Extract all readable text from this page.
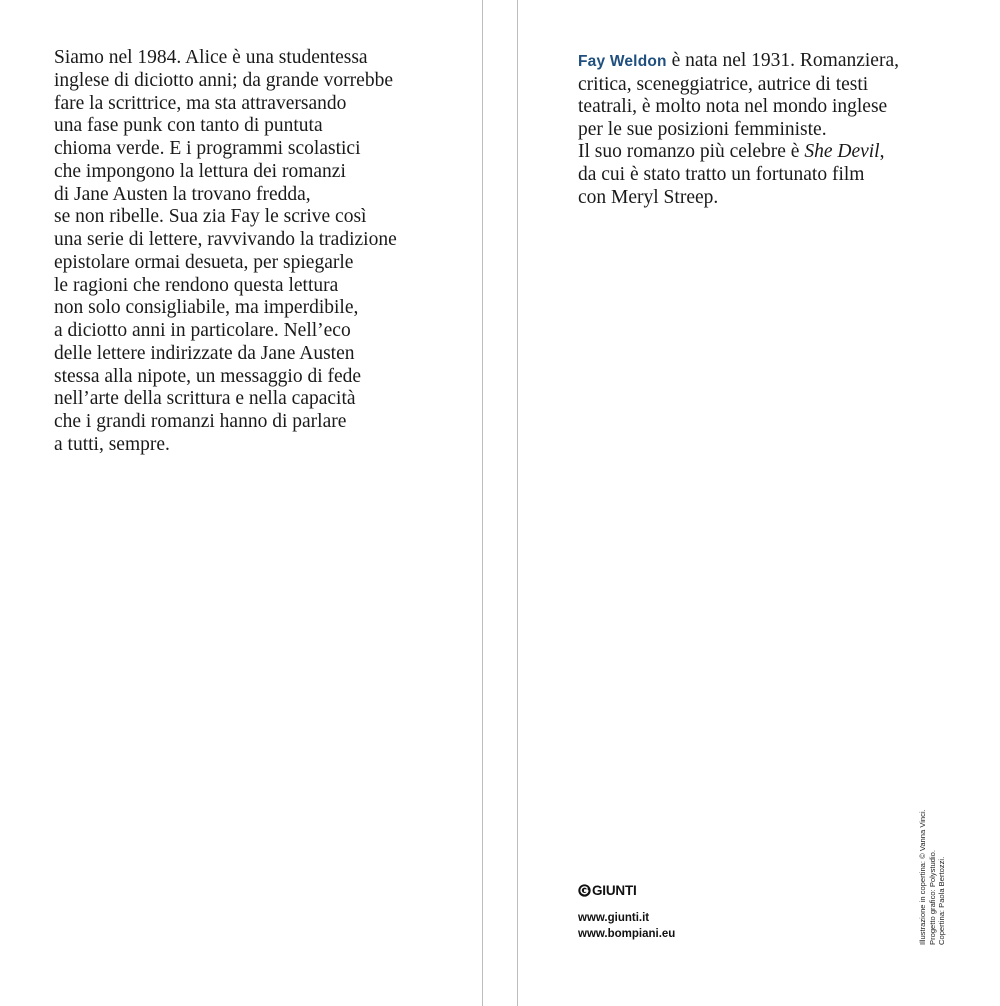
Siamo nel 1984. Alice è una studentessa
inglese di diciotto anni; da grande vorrebbe
fare la scrittrice, ma sta attraversando
una fase punk con tanto di puntuta
chioma verde. E i programmi scolastici
che impongono la lettura dei romanzi
di Jane Austen la trovano fredda,
se non ribelle. Sua zia Fay le scrive così
una serie di lettere, ravvivando la tradizione
epistolare ormai desueta, per spiegarle
le ragioni che rendono questa lettura
non solo consigliabile, ma imperdibile,
a diciotto anni in particolare. Nell’eco
delle lettere indirizzate da Jane Austen
stessa alla nipote, un messaggio di fede
nell’arte della scrittura e nella capacità
che i grandi romanzi hanno di parlare
a tutti, sempre.

Fay Weldon è nata nel 1931. Romanziera,
critica, sceneggiatrice, autrice di testi
teatrali, è molto nota nel mondo inglese
per le sue posizioni femministe.
Il suo romanzo più celebre è She Devil,
da cui è stato tratto un fortunato film
con Meryl Streep.

GIUNTI
www.giunti.it
www.bompiani.eu	Illustrazione in copertina: © Vanna Vinci. Progetto grafico: Polystudio. Copertina: Paola Bertozzi.
